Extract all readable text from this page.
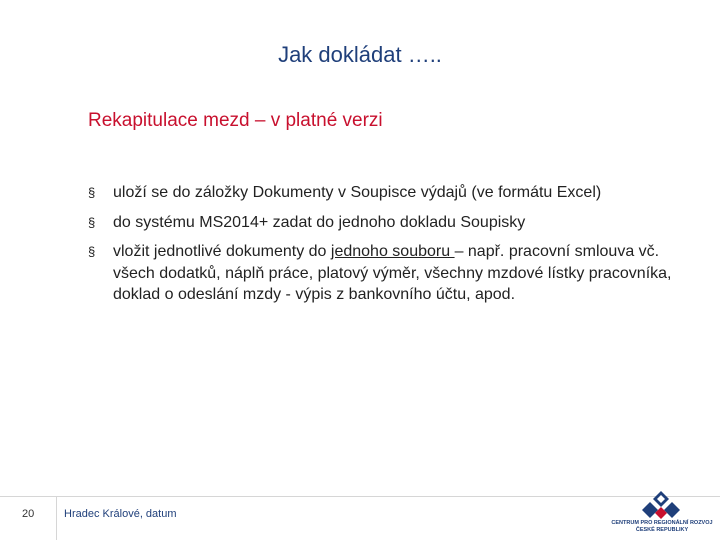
Jak dokládat …..
Rekapitulace mezd – v platné verzi
§ uloží se do záložky Dokumenty v Soupisce výdajů (ve formátu Excel)
§ do systému MS2014+ zadat do jednoho dokladu Soupisky
§ vložit jednotlivé dokumenty do jednoho souboru – např. pracovní smlouva vč. všech dodatků, náplň práce, platový výměr, všechny mzdové lístky pracovníka, doklad o odeslání mzdy - výpis z bankovního účtu, apod.
20	Hradec Králové, datum
CENTRUM PRO REGIONÁLNÍ ROZVOJ
ČESKÉ REPUBLIKY
